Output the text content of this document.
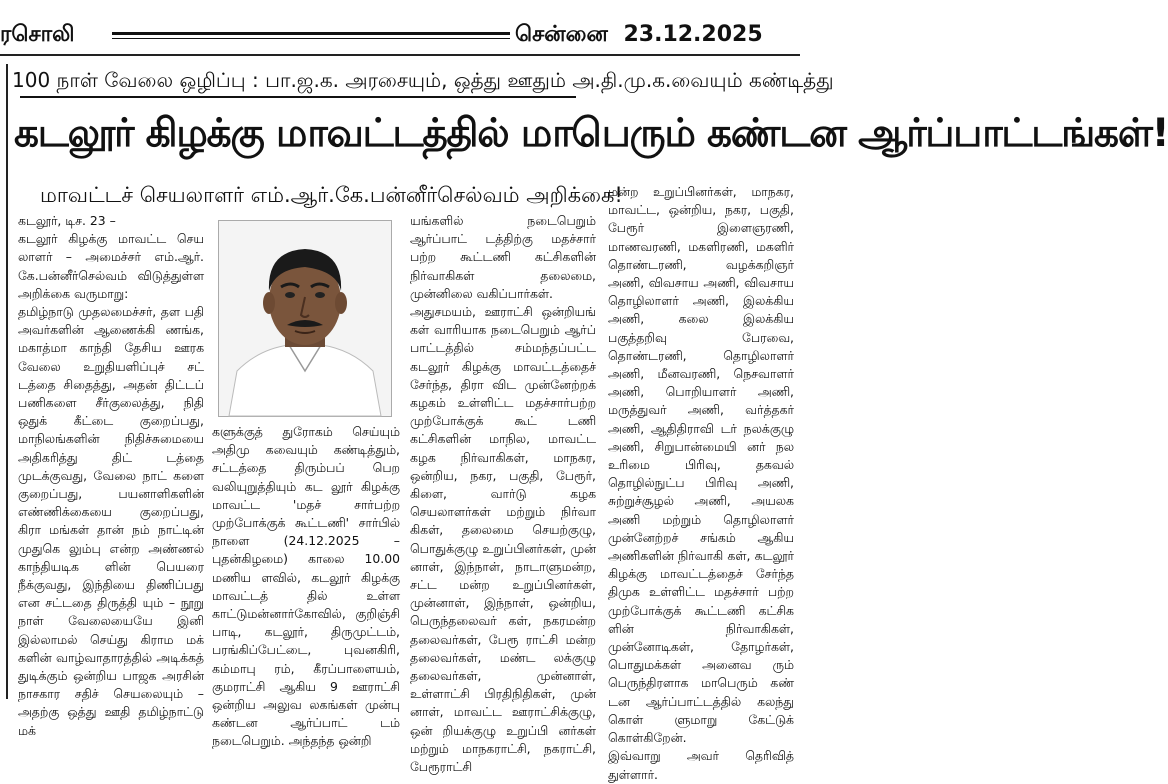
ரசொலி	சென்னை 23.12.2025
100 நாள் வேலை ஒழிப்பு : பா.ஜ.க. அரசையும், ஒத்து ஊதும் அ.தி.மு.க.வையும் கண்டித்து
கடலூர் கிழக்கு மாவட்டத்தில் மாபெரும் கண்டன ஆர்ப்பாட்டங்கள்!
மாவட்டச் செயலாளர் எம்.ஆர்.கே.பன்னீர்செல்வம் அறிக்கை!
கடலூர், டிச. 23 –
கடலூர் கிழக்கு மாவட்ட செய லாளர் – அமைச்சர் எம்.ஆர். கே.பன்னீர்செல்வம் விடுத்துள்ள அறிக்கை வருமாறு:
தமிழ்நாடு முதலமைச்சர், தள பதி அவர்களின் ஆணைக்கி ணங்க, மகாத்மா காந்தி தேசிய ஊரக வேலை உறுதியளிப்புச் சட் டத்தை சிதைத்து, அதன் திட்டப் பணிகளை சீர்குலைத்து, நிதி ஒதுக் கீட்டை குறைப்பது, மாநிலங்களின் நிதிச்சுமையை அதிகரித்து திட் டத்தை முடக்குவது, வேலை நாட் களை குறைப்பது, பயனாளிகளின் எண்ணிக்கையை குறைப்பது, கிரா மங்கள் தான் நம் நாட்டின் முதுகெ லும்பு என்ற அண்ணல் காந்தியடிக ளின் பெயரை நீக்குவது, இந்தியை திணிப்பது என சட்டதை திருத்தி யும் – நூறு நாள் வேலையையே இனி இல்லாமல் செய்து கிராம மக் களின் வாழ்வாதாரத்தில் அடிக்கத் துடிக்கும் ஒன்றிய பாஜக அரசின் நாசகார சதிச் செயலையும் – அதற்கு ஒத்து ஊதி தமிழ்நாட்டு மக்
களுக்குத் துரோகம் செய்யும் அதிமு கவையும் கண்டித்தும், சட்டத்தை திரும்பப் பெற வலியுறுத்தியும் கட லூர் கிழக்கு மாவட்ட 'மதச் சார்பற்ற முற்போக்குக் கூட்டணி' சார்பில் நாளை (24.12.2025 – புதன்கிழமை) காலை 10.00 மணிய ளவில், கடலூர் கிழக்கு மாவட்டத் தில் உள்ள காட்டுமன்னார்கோவில், குறிஞ்சி பாடி, கடலூர், திருமுட்டம், பரங்கிப்பேட்டை, புவனகிரி, கம்மாபு ரம், கீரப்பாளையம், குமராட்சி ஆகிய 9 ஊராட்சி ஒன்றிய அலுவ லகங்கள் முன்பு கண்டன ஆர்ப்பாட் டம் நடைபெறும். அந்தந்த ஒன்றி
யங்களில் நடைபெறும் ஆர்ப்பாட் டத்திற்கு மதச்சார் பற்ற கூட்டணி கட்சிகளின் நிர்வாகிகள் தலைமை, முன்னிலை வகிப்பார்கள்.
அதுசமயம், ஊராட்சி ஒன்றியங் கள் வாரியாக நடைபெறும் ஆர்ப் பாட்டத்தில் சம்மந்தப்பட்ட கடலூர் கிழக்கு மாவட்டத்தைச் சேர்ந்த, திரா விட முன்னேற்றக் கழகம் உள்ளிட்ட மதச்சார்பற்ற முற்போக்குக் கூட் டணி கட்சிகளின் மாநில, மாவட்ட கழக நிர்வாகிகள், மாநகர, ஒன்றிய, நகர, பகுதி, பேரூர், கிளை, வார்டு கழக செயலாளர்கள் மற்றும் நிர்வா கிகள், தலைமை செயற்குழு, பொதுக்குழு உறுப்பினர்கள், முன் னாள், இந்நாள், நாடாளுமன்ற, சட்ட மன்ற உறுப்பினர்கள், முன்னாள், இந்நாள், ஒன்றிய, பெருந்தலைவர் கள், நகரமன்ற தலைவர்கள், பேரூ ராட்சி மன்ற தலைவர்கள், மண்ட லக்குழு தலைவர்கள், முன்னாள், உள்ளாட்சி பிரதிநிதிகள், முன் னாள், மாவட்ட ஊராட்சிக்குழு, ஒன் றியக்குழு உறுப்பி னர்கள் மற்றும் மாநகராட்சி, நகராட்சி, பேரூராட்சி
மன்ற உறுப்பினர்கள், மாநகர, மாவட்ட, ஒன்றிய, நகர, பகுதி, பேரூர் இளைஞரணி, மாணவரணி, மகளிரணி, மகளிர் தொண்டரணி, வழக்கறிஞர் அணி, விவசாய அணி, விவசாய தொழிலாளர் அணி, இலக்கிய அணி, கலை இலக்கிய பகுத்தறிவு பேரவை, தொண்டரணி, தொழிலாளர் அணி, மீனவரணி, நெசவாளர் அணி, பொறியாளர் அணி, மருத்துவர் அணி, வர்த்தகர் அணி, ஆதிதிராவி டர் நலக்குழு அணி, சிறுபான்மையி னர் நல உரிமை பிரிவு, தகவல் தொழில்நுட்ப பிரிவு அணி, சுற்றுச்சூழல் அணி, அயலக அணி மற்றும் தொழிலாளர் முன்னேற்றச் சங்கம் ஆகிய அணிகளின் நிர்வாகி கள், கடலூர் கிழக்கு மாவட்டத்தைச் சேர்ந்த திமுக உள்ளிட்ட மதச்சார் பற்ற முற்போக்குக் கூட்டணி கட்சிக ளின் நிர்வாகிகள், முன்னோடிகள், தோழர்கள், பொதுமக்கள் அனைவ ரும் பெருந்திரளாக மாபெரும் கண் டன ஆர்ப்பாட்டத்தில் கலந்து கொள் ளுமாறு கேட்டுக் கொள்கிறேன்.
இவ்வாறு அவர் தெரிவித் துள்ளார்.
